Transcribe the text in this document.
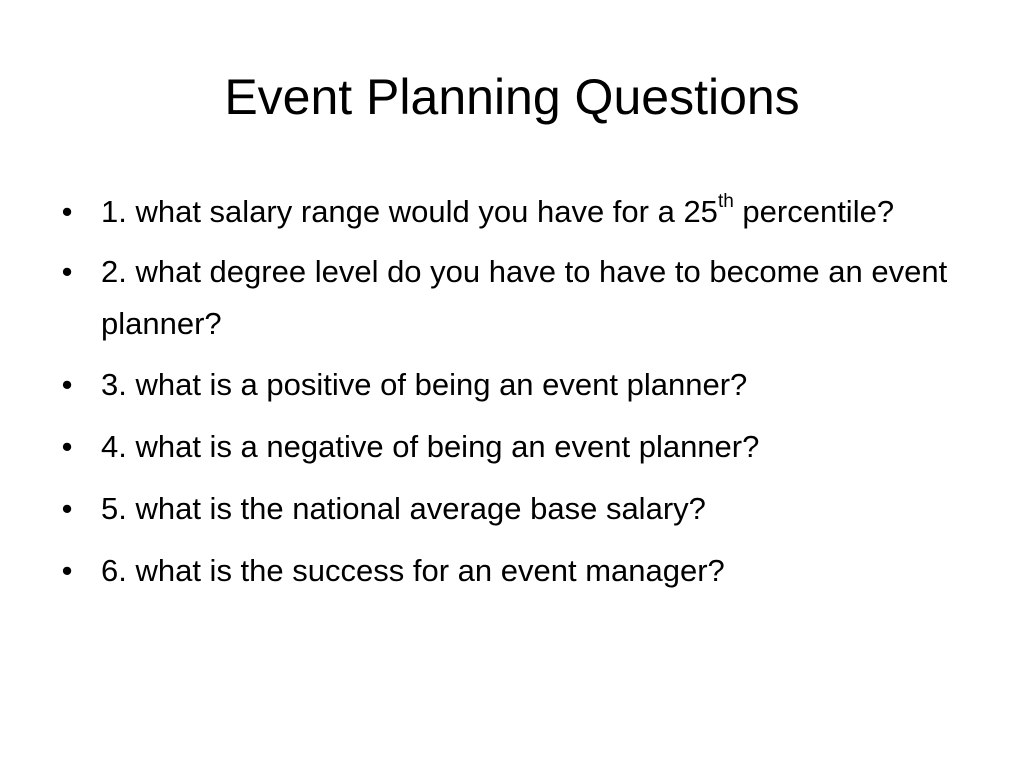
Event Planning Questions
• 1. what salary range would you have for a 25th percentile?
• 2. what degree level do you have to have to become an event planner?
• 3. what is a positive of being an event planner?
• 4. what is a negative of being an event planner?
• 5. what is the national average base salary?
• 6. what is the success for an event manager?
